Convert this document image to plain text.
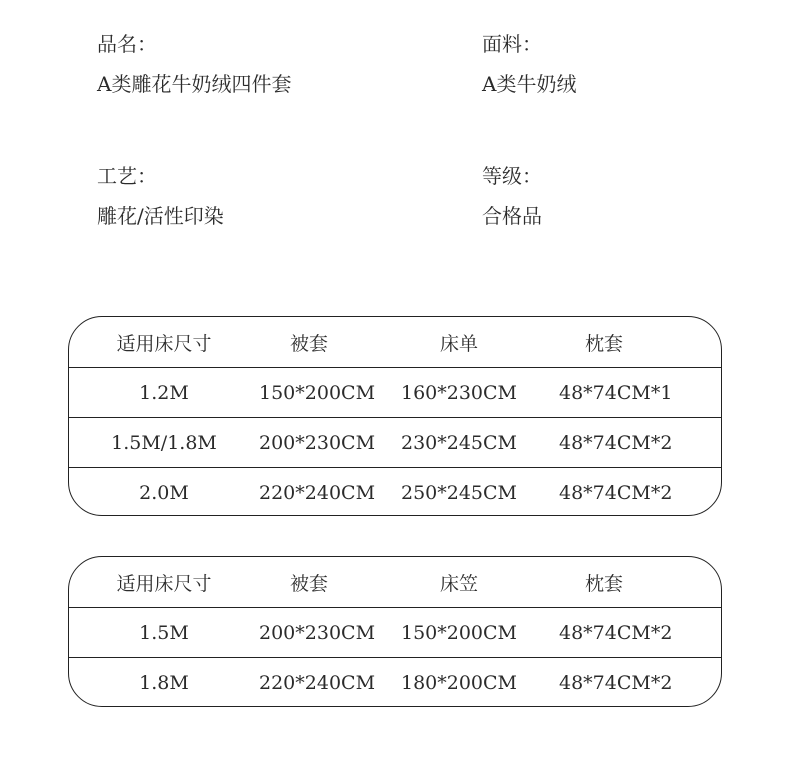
品名：
A类雕花牛奶绒四件套
面料：
A类牛奶绒
工艺：
雕花/活性印染
等级：
合格品
适用床尺寸	被套	床单	枕套
1.2M	150*200CM	160*230CM	48*74CM*1
1.5M/1.8M	200*230CM	230*245CM	48*74CM*2
2.0M	220*240CM	250*245CM	48*74CM*2
适用床尺寸	被套	床笠	枕套
1.5M	200*230CM	150*200CM	48*74CM*2
1.8M	220*240CM	180*200CM	48*74CM*2
